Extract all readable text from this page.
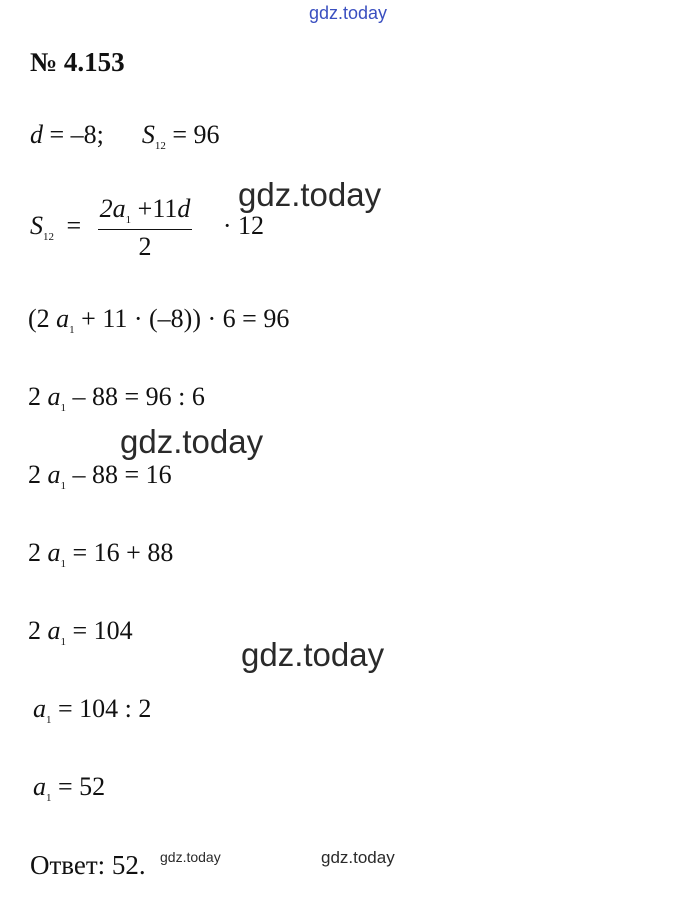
gdz.today
gdz.today
gdz.today
gdz.today
gdz.today	gdz.today
№ 4.153
d = –8; $S_{12} = 96$
$S_{12} = \frac{2a_1 +11d}{2} \cdot 12$
(2 $a_1 + 11 \cdot (-8)) \cdot 6 = 96$
2 $a_1 - 88 = 96$ : 6
2 $a_1 - 88 = 16$
2 $a_1 = 16 + 88$
2 $a_1 = 104$
$a_1 = 104$ : 2
$a_1 = 52$
Ответ: 52.
